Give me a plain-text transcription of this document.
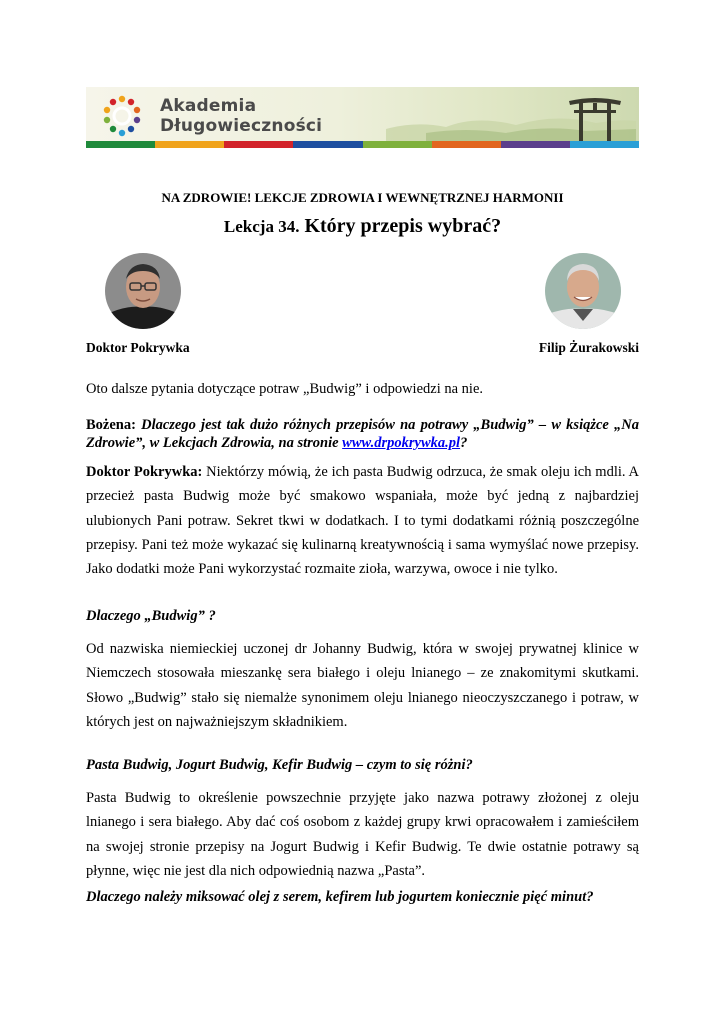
Akademia
Długowieczności
NA ZDROWIE! LEKCJE ZDROWIA I WEWNĘTRZNEJ HARMONII
Lekcja 34. Który przepis wybrać?
Doktor Pokrywka	Filip Żurakowski

Oto dalsze pytania dotyczące potraw „Budwig” i odpowiedzi na nie.

Bożena: Dlaczego jest tak dużo różnych przepisów na potrawy „Budwig” – w książce „Na Zdrowie”, w Lekcjach Zdrowia, na stronie www.drpokrywka.pl?

Doktor Pokrywka: Niektórzy mówią, że ich pasta Budwig odrzuca, że smak oleju ich mdli. A przecież pasta Budwig może być smakowo wspaniała, może być jedną z najbardziej ulubionych Pani potraw. Sekret tkwi w dodatkach. I to tymi dodatkami różnią poszczególne przepisy. Pani też może wykazać się kulinarną kreatywnością i sama wymyślać nowe przepisy. Jako dodatki może Pani wykorzystać rozmaite zioła, warzywa, owoce i nie tylko.

Dlaczego „Budwig” ?

Od nazwiska niemieckiej uczonej dr Johanny Budwig, która w swojej prywatnej klinice w Niemczech stosowała mieszankę sera białego i oleju lnianego – ze znakomitymi skutkami. Słowo „Budwig” stało się niemalże synonimem oleju lnianego nieoczyszczanego i potraw, w których jest on najważniejszym składnikiem.

Pasta Budwig, Jogurt Budwig, Kefir Budwig – czym to się różni?

Pasta Budwig to określenie powszechnie przyjęte jako nazwa potrawy złożonej z oleju lnianego i sera białego. Aby dać coś osobom z każdej grupy krwi opracowałem i zamieściłem na swojej stronie przepisy na Jogurt Budwig i Kefir Budwig. Te dwie ostatnie potrawy są płynne, więc nie jest dla nich odpowiednią nazwa „Pasta”.

Dlaczego należy miksować olej z serem, kefirem lub jogurtem koniecznie pięć minut?
